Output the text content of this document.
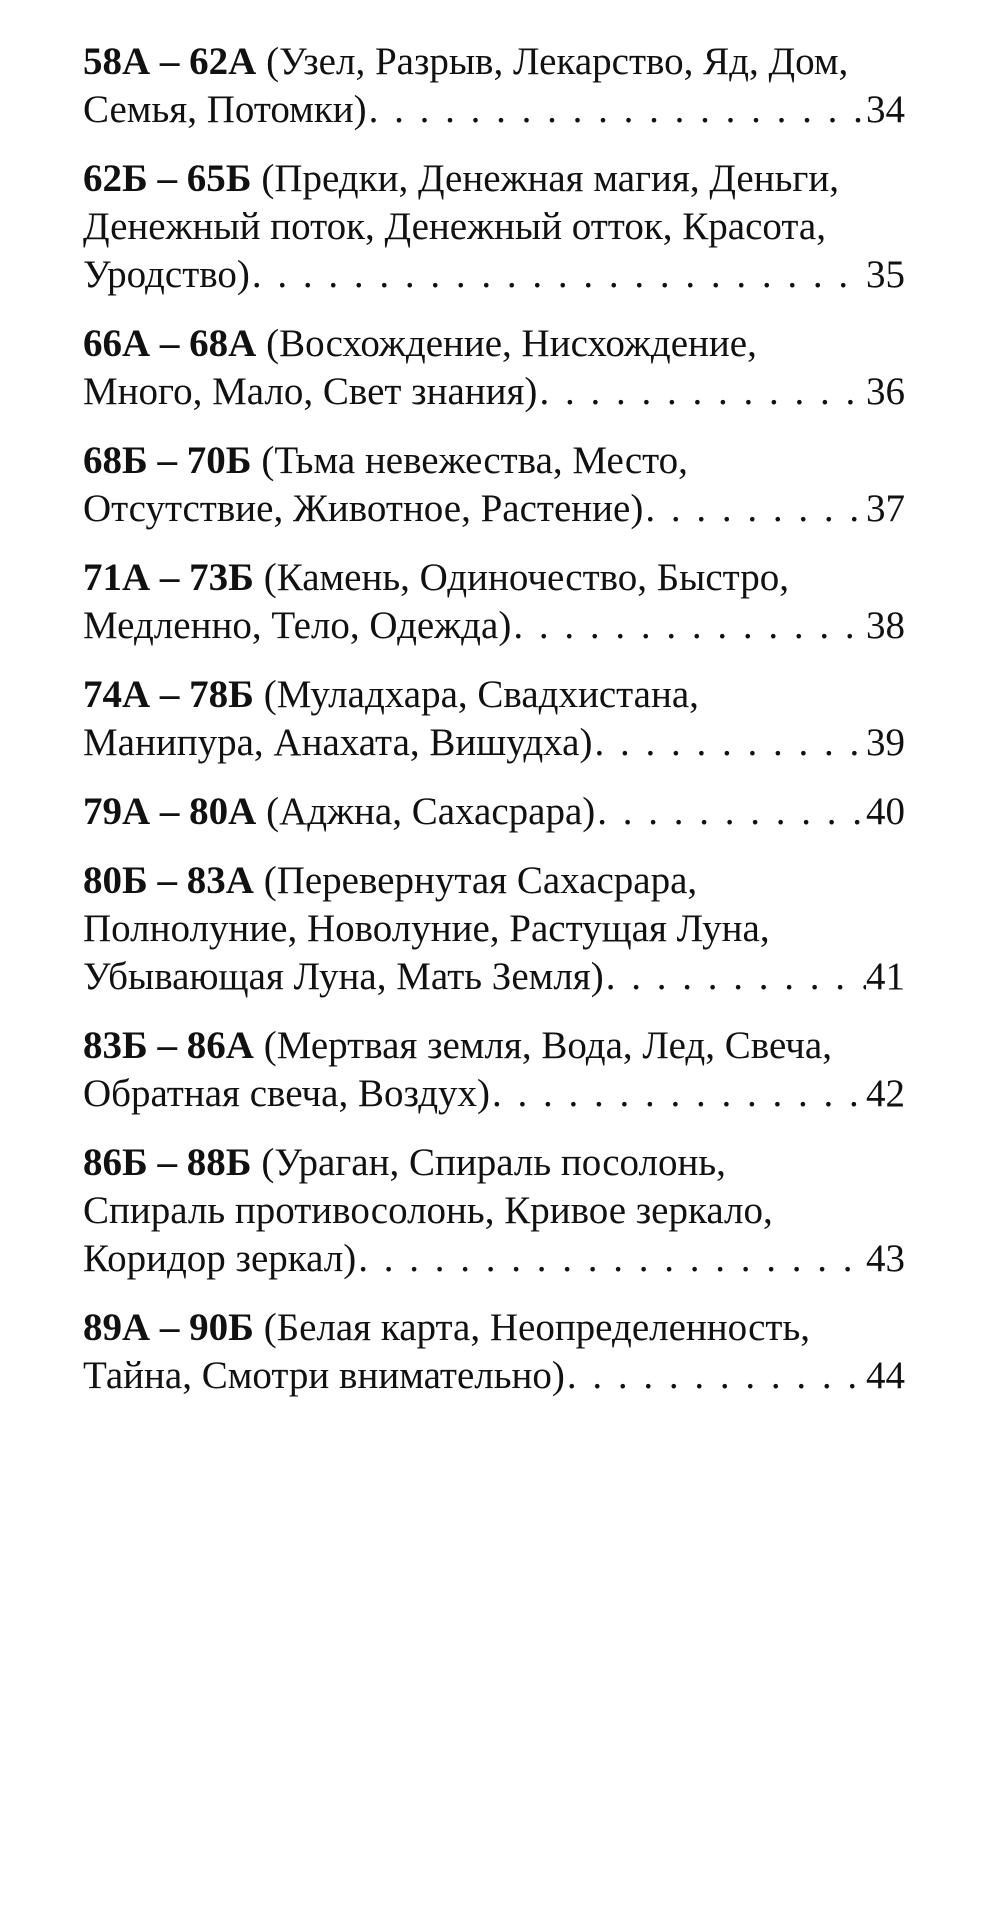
58А – 62А (Узел, Разрыв, Лекарство, Яд, Дом,
Семья, Потомки) . . .	34
62Б – 65Б (Предки, Денежная магия, Деньги,
Денежный поток, Денежный отток, Красота,
Уродство) . . .	35
66А – 68А (Восхождение, Нисхождение,
Много, Мало, Свет знания) . . .	36
68Б – 70Б (Тьма невежества, Место,
Отсутствие, Животное, Растение) . . .	37
71А – 73Б (Камень, Одиночество, Быстро,
Медленно, Тело, Одежда) . . .	38
74А – 78Б (Муладхара, Свадхистана,
Манипура, Анахата, Вишудха) . . .	39
79А – 80А (Аджна, Сахасрара) . . .	40
80Б – 83А (Перевернутая Сахасрара,
Полнолуние, Новолуние, Растущая Луна,
Убывающая Луна, Мать Земля) . . .	41
83Б – 86А (Мертвая земля, Вода, Лед, Свеча,
Обратная свеча, Воздух) . . .	42
86Б – 88Б (Ураган, Спираль посолонь,
Спираль противосолонь, Кривое зеркало,
Коридор зеркал) . . .	43
89А – 90Б (Белая карта, Неопределенность,
Тайна, Смотри внимательно) . . .	44
